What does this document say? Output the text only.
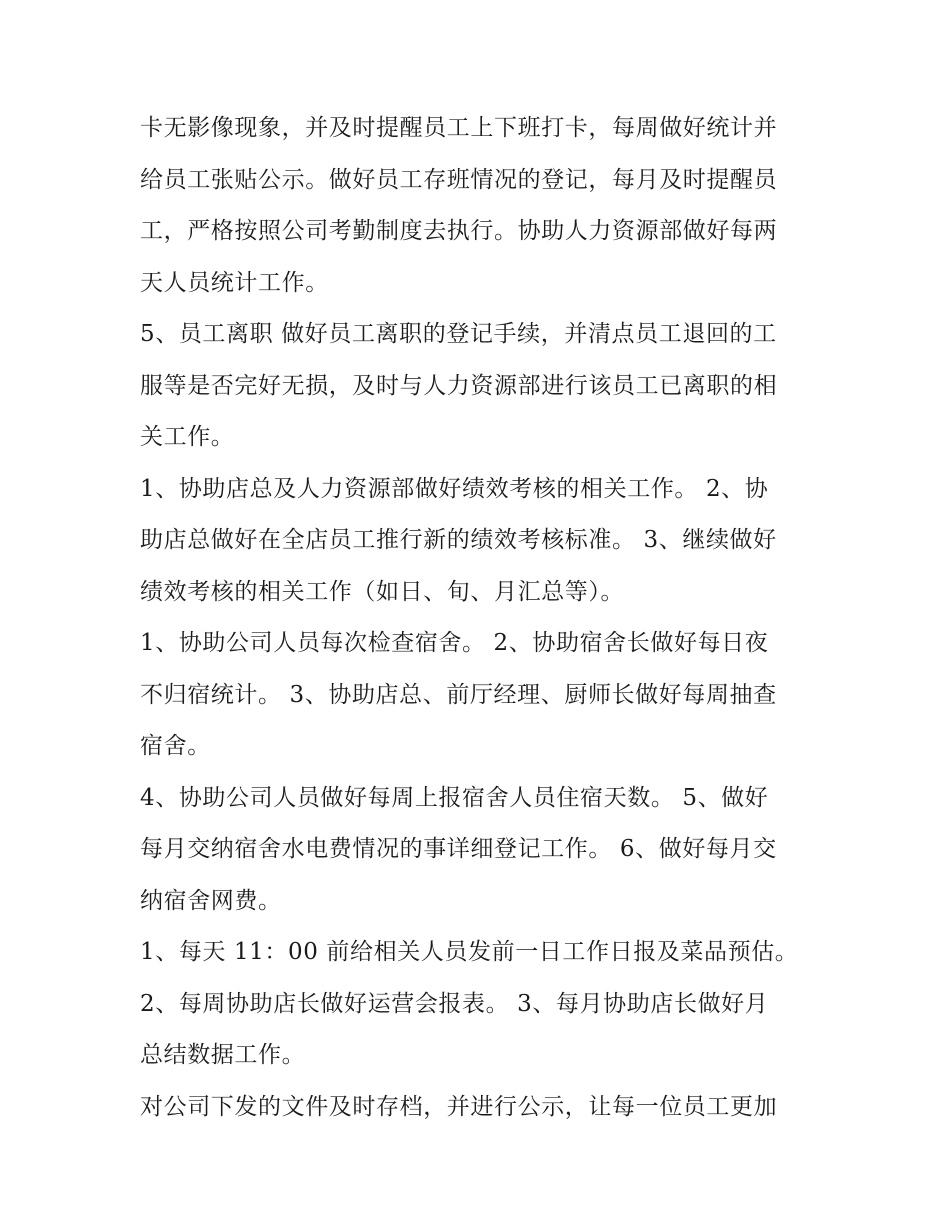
卡无影像现象，并及时提醒员工上下班打卡，每周做好统计并
给员工张贴公示。做好员工存班情况的登记，每月及时提醒员
工，严格按照公司考勤制度去执行。协助人力资源部做好每两
天人员统计工作。
5、员工离职 做好员工离职的登记手续，并清点员工退回的工
服等是否完好无损，及时与人力资源部进行该员工已离职的相
关工作。
1、协助店总及人力资源部做好绩效考核的相关工作。 2、协
助店总做好在全店员工推行新的绩效考核标准。 3、继续做好
绩效考核的相关工作（如日、旬、月汇总等）。
1、协助公司人员每次检查宿舍。 2、协助宿舍长做好每日夜
不归宿统计。 3、协助店总、前厅经理、厨师长做好每周抽查
宿舍。
4、协助公司人员做好每周上报宿舍人员住宿天数。 5、做好
每月交纳宿舍水电费情况的事详细登记工作。 6、做好每月交
纳宿舍网费。
1、每天 11：00 前给相关人员发前一日工作日报及菜品预估。
2、每周协助店长做好运营会报表。 3、每月协助店长做好月
总结数据工作。
对公司下发的文件及时存档，并进行公示，让每一位员工更加
